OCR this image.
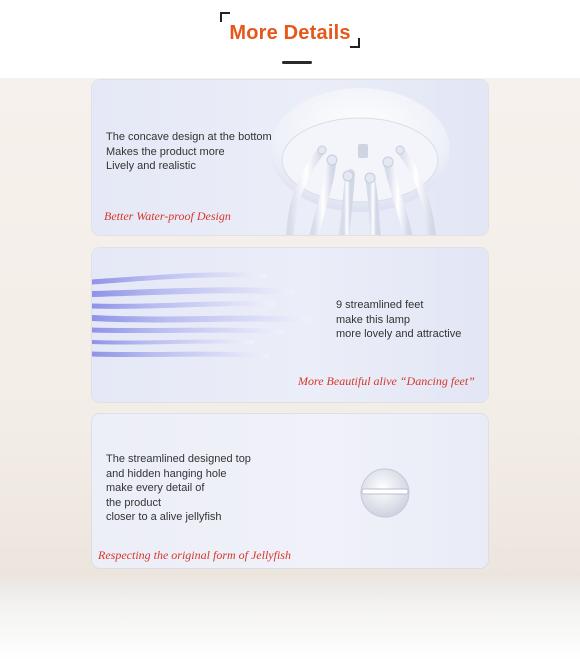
More Details
The concave design at the bottom
Makes the product more
Lively and realistic
Better Water-proof Design
9 streamlined feet
make this lamp
more lovely and attractive
More Beautiful alive “Dancing feet”
The streamlined designed top
and hidden hanging hole
make every detail of
the product
closer to a alive jellyfish
Respecting the original form of Jellyfish
